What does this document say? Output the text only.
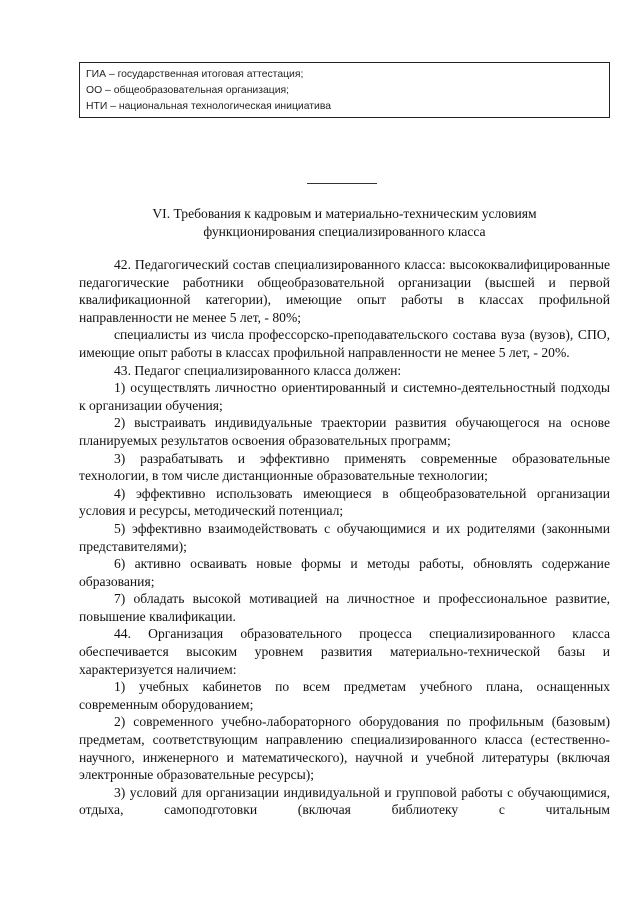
ГИА – государственная итоговая аттестация;
ОО – общеобразовательная организация;
НТИ – национальная технологическая инициатива
VI. Требования к кадровым и материально-техническим условиям
функционирования специализированного класса

42. Педагогический состав специализированного класса: высококвалифицированные педагогические работники общеобразовательной организации (высшей и первой квалификационной категории), имеющие опыт работы в классах профильной направленности не менее 5 лет, - 80%;

специалисты из числа профессорско-преподавательского состава вуза (вузов), СПО, имеющие опыт работы в классах профильной направленности не менее 5 лет, - 20%.

43. Педагог специализированного класса должен:

1) осуществлять личностно ориентированный и системно-деятельностный подходы к организации обучения;

2) выстраивать индивидуальные траектории развития обучающегося на основе планируемых результатов освоения образовательных программ;

3) разрабатывать и эффективно применять современные образовательные технологии, в том числе дистанционные образовательные технологии;

4) эффективно использовать имеющиеся в общеобразовательной организации условия и ресурсы, методический потенциал;

5) эффективно взаимодействовать с обучающимися и их родителями (законными представителями);

6) активно осваивать новые формы и методы работы, обновлять содержание образования;

7) обладать высокой мотивацией на личностное и профессиональное развитие, повышение квалификации.

44. Организация образовательного процесса специализированного класса обеспечивается высоким уровнем развития материально-технической базы и характеризуется наличием:

1) учебных кабинетов по всем предметам учебного плана, оснащенных современным оборудованием;

2) современного учебно-лабораторного оборудования по профильным (базовым) предметам, соответствующим направлению специализированного класса (естественно-научного, инженерного и математического), научной и учебной литературы (включая электронные образовательные ресурсы);

3) условий для организации индивидуальной и групповой работы с обучающимися, отдыха, самоподготовки (включая библиотеку с читальным
